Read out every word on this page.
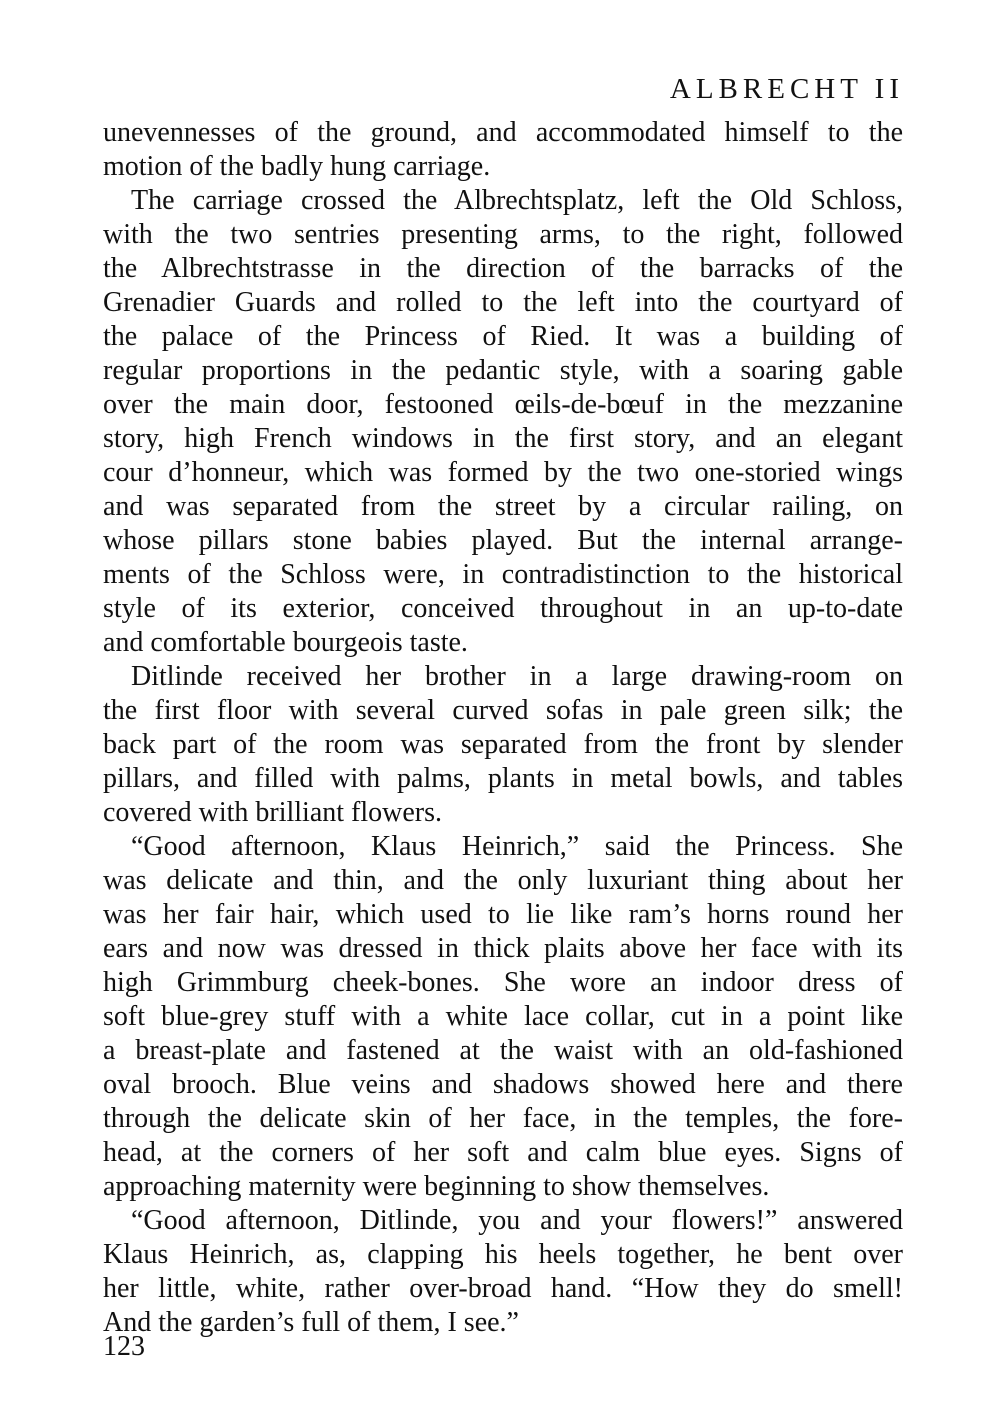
ALBRECHT II
unevennesses of the ground, and accommodated himself to the
motion of the badly hung carriage.
The carriage crossed the Albrechtsplatz, left the Old Schloss,
with the two sentries presenting arms, to the right, followed
the Albrechtstrasse in the direction of the barracks of the
Grenadier Guards and rolled to the left into the courtyard of
the palace of the Princess of Ried. It was a building of
regular proportions in the pedantic style, with a soaring gable
over the main door, festooned œils-de-bœuf in the mezzanine
story, high French windows in the first story, and an elegant
cour d’honneur, which was formed by the two one-storied wings
and was separated from the street by a circular railing, on
whose pillars stone babies played. But the internal arrange-
ments of the Schloss were, in contradistinction to the historical
style of its exterior, conceived throughout in an up-to-date
and comfortable bourgeois taste.
Ditlinde received her brother in a large drawing-room on
the first floor with several curved sofas in pale green silk; the
back part of the room was separated from the front by slender
pillars, and filled with palms, plants in metal bowls, and tables
covered with brilliant flowers.
“Good afternoon, Klaus Heinrich,” said the Princess. She
was delicate and thin, and the only luxuriant thing about her
was her fair hair, which used to lie like ram’s horns round her
ears and now was dressed in thick plaits above her face with its
high Grimmburg cheek-bones. She wore an indoor dress of
soft blue-grey stuff with a white lace collar, cut in a point like
a breast-plate and fastened at the waist with an old-fashioned
oval brooch. Blue veins and shadows showed here and there
through the delicate skin of her face, in the temples, the fore-
head, at the corners of her soft and calm blue eyes. Signs of
approaching maternity were beginning to show themselves.
“Good afternoon, Ditlinde, you and your flowers!” answered
Klaus Heinrich, as, clapping his heels together, he bent over
her little, white, rather over-broad hand. “How they do smell!
And the garden’s full of them, I see.”
123
